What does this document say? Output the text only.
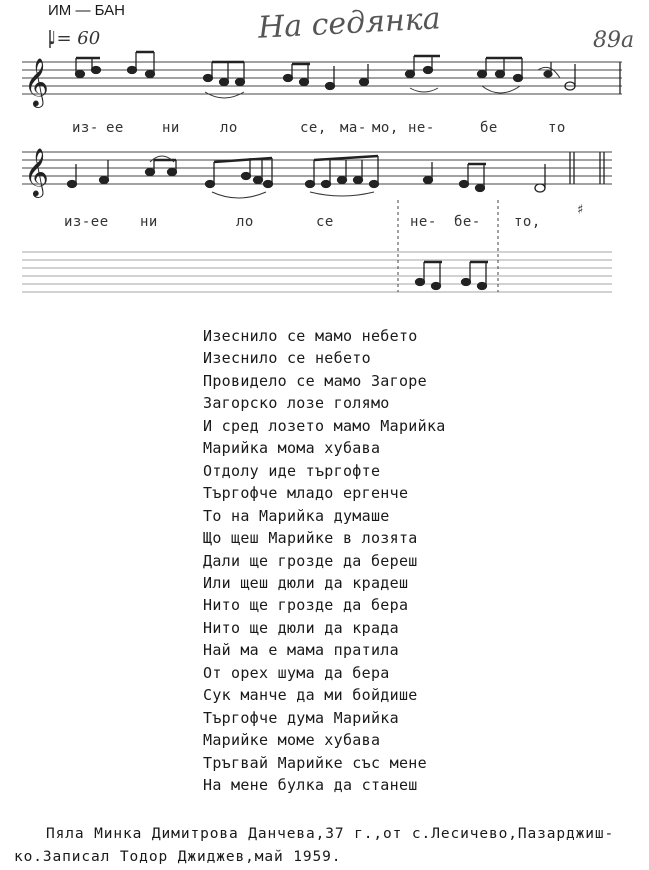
ИМ — БАН	На седянка	89а
♩= 60
𝄞
𝄞
♯
из- ее	ни	ло	се, ма- мо, не-	бе	то
из-ее ни	ло	се	не- бе- то,
Изеснило се мамо небето
Изеснило се небето
Провидело се мамо Загоре
Загорско лозе голямо
И сред лозето мамо Марийка
Марийка мома хубава
Отдолу иде търгофте
Търгофче младо ергенче
То на Марийка думаше
Що щеш Марийке в лозята
Дали ще грозде да береш
Или щеш дюли да крадеш
Нито ще грозде да бера
Нито ще дюли да крада
Най ма е мама пратила
От орех шума да бера
Сук манче да ми бойдише
Търгофче дума Марийка
Марийке моме хубава
Тръгвай Марийке със мене
На мене булка да станеш
Пяла Минка Димитрова Данчева,37 г.,от с.Лесичево,Пазарджиш-
ко.Записал Тодор Джиджев,май 1959.
